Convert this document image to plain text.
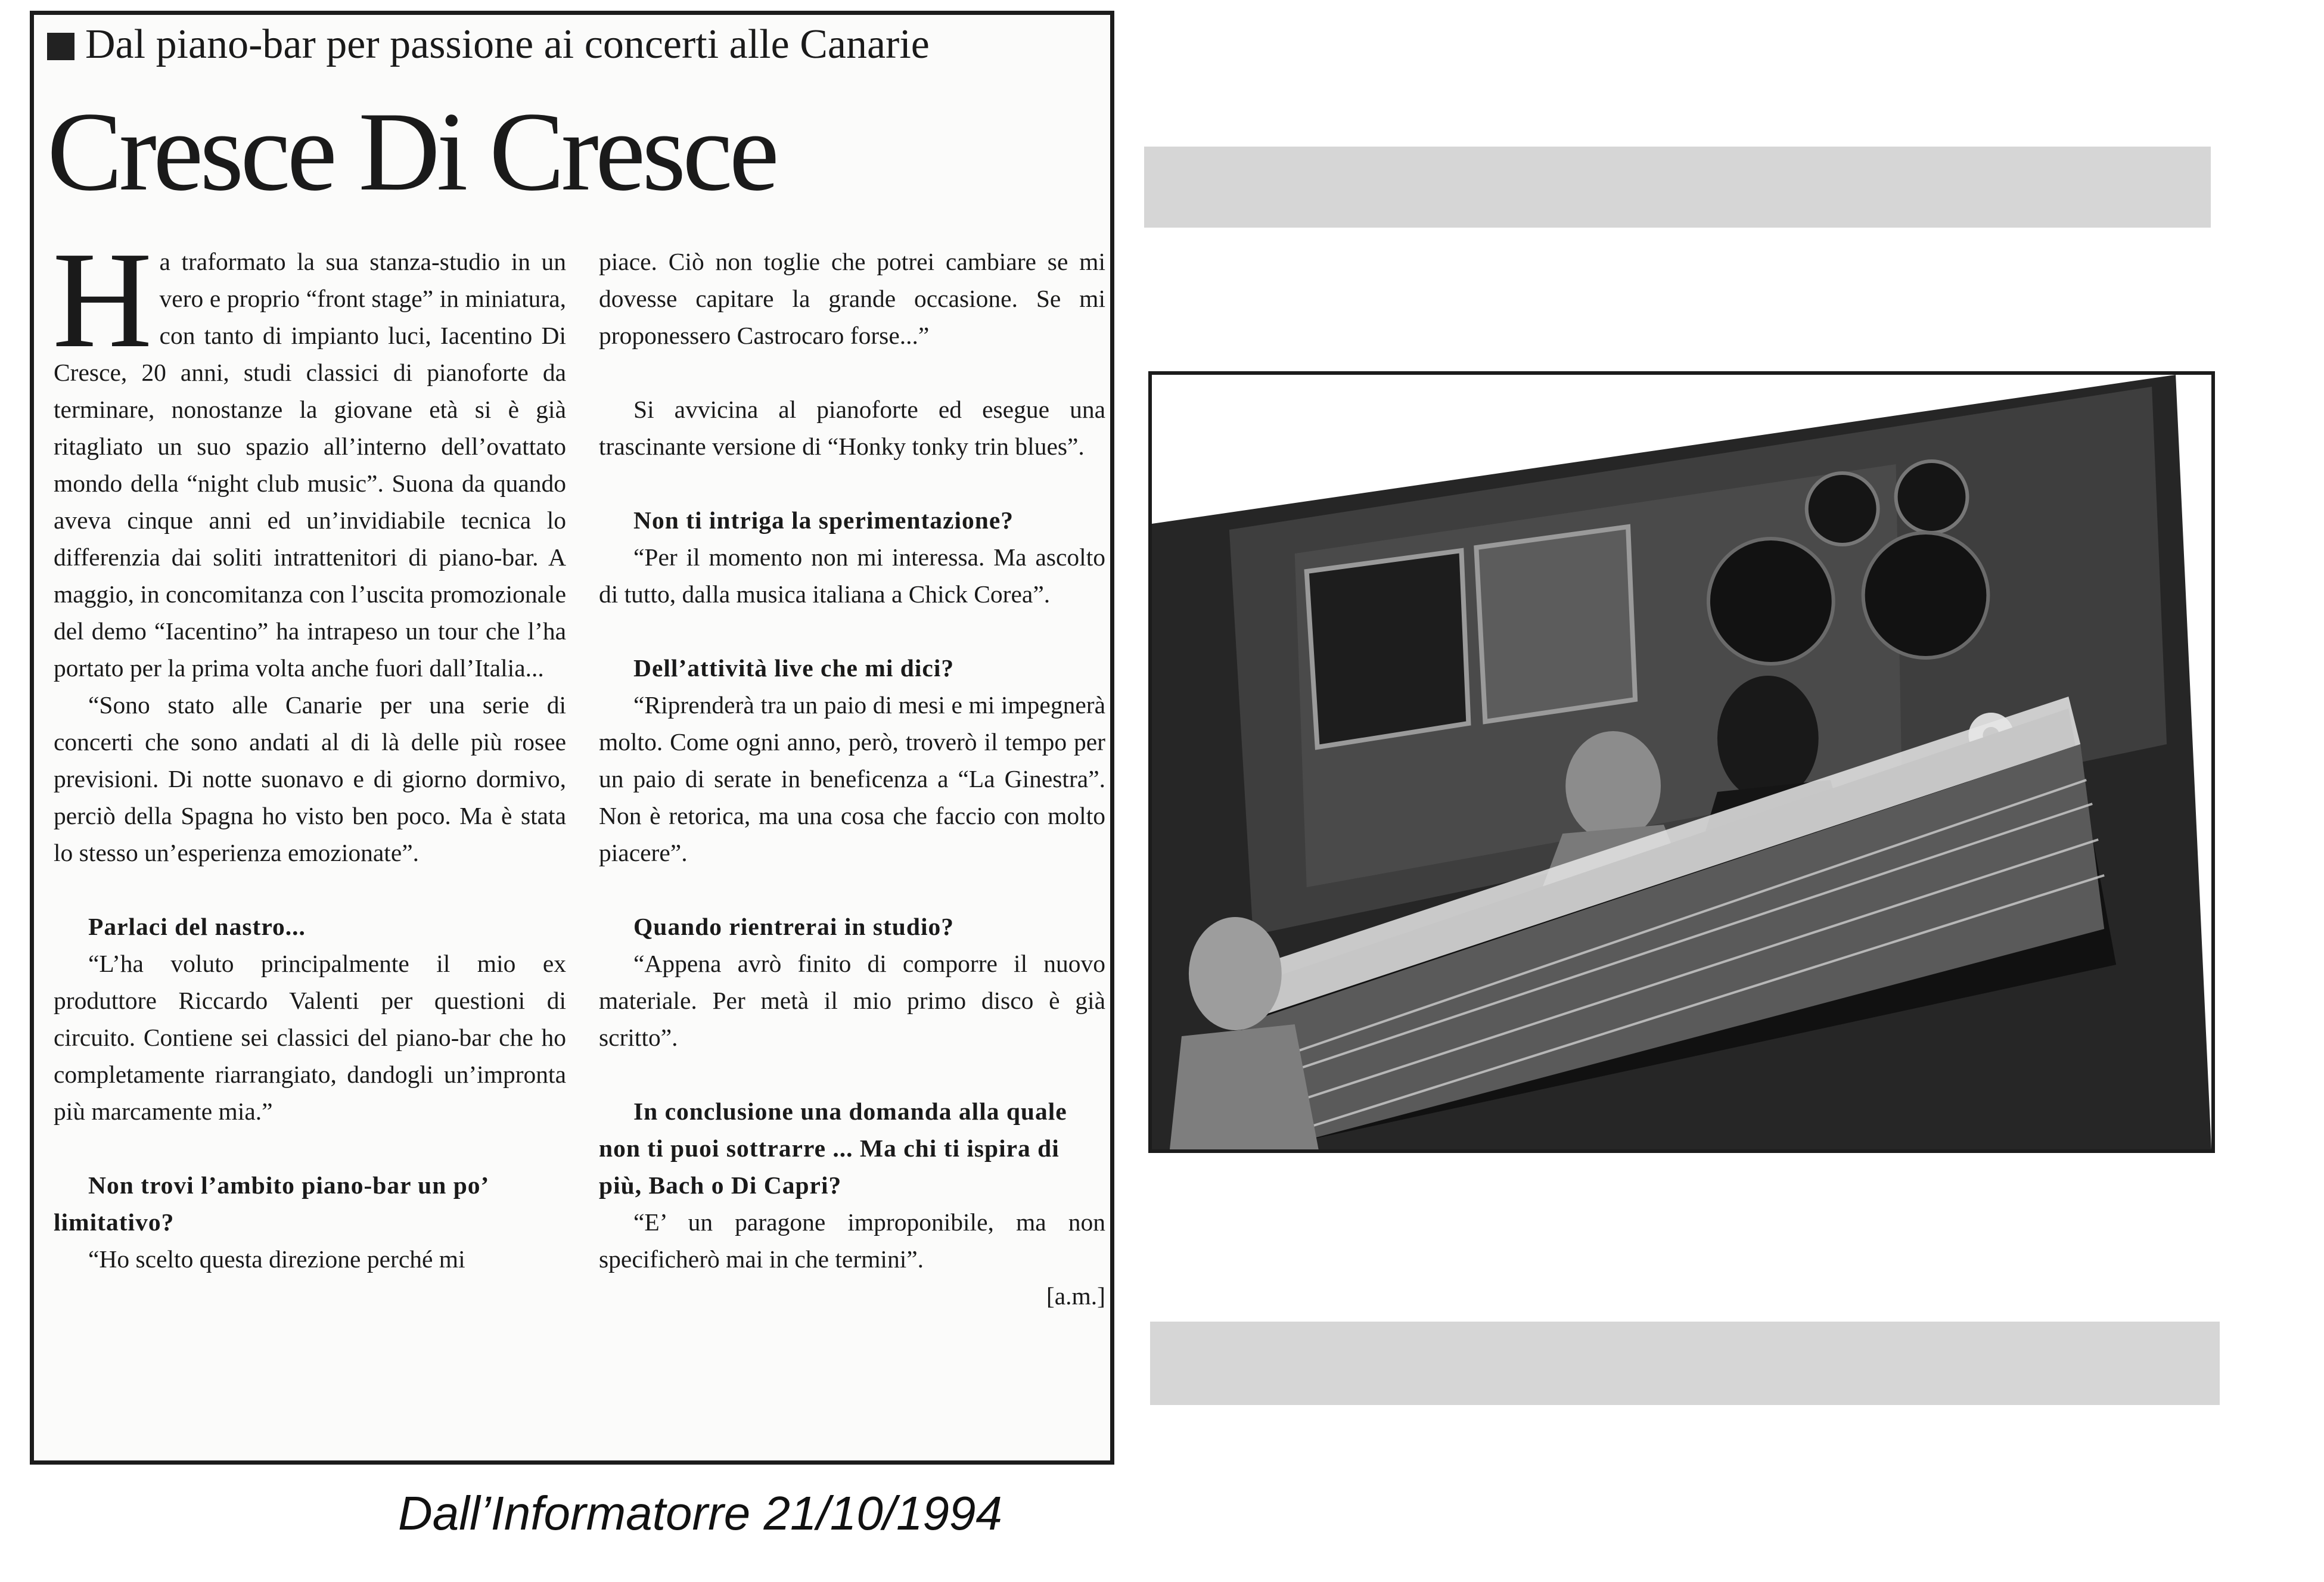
Dal piano-bar per passione ai concerti alle Canarie
Cresce Di Cresce

Ha traformato la sua stanza-studio in un vero e proprio “front stage” in miniatura, con tanto di impianto luci, Iacentino Di Cresce, 20 anni, studi classici di pianoforte da terminare, nonostanze la giovane età si è già ritagliato un suo spazio all’interno dell’ovattato mondo della “night club music”. Suona da quando aveva cinque anni ed un’invidiabile tecnica lo differenzia dai soliti intrattenitori di piano-bar. A maggio, in concomitanza con l’uscita promozionale del demo “Iacentino” ha intrapeso un tour che l’ha portato per la prima volta anche fuori dall’Italia...

“Sono stato alle Canarie per una serie di concerti che sono andati al di là delle più rosee previsioni. Di notte suonavo e di giorno dormivo, perciò della Spagna ho visto ben poco. Ma è stata lo stesso un’esperienza emozionate”.

Parlaci del nastro...

“L’ha voluto principalmente il mio ex produttore Riccardo Valenti per questioni di circuito. Contiene sei classici del piano-bar che ho completamente riarrangiato, dandogli un’impronta più marcamente mia.”

Non trovi l’ambito piano-bar un po’ limitativo?

“Ho scelto questa direzione perché mi

piace. Ciò non toglie che potrei cambiare se mi dovesse capitare la grande occasione. Se mi proponessero Castrocaro forse...”

Si avvicina al pianoforte ed esegue una trascinante versione di “Honky tonky trin blues”.

Non ti intriga la sperimentazione?

“Per il momento non mi interessa. Ma ascolto di tutto, dalla musica italiana a Chick Corea”.

Dell’attività live che mi dici?

“Riprenderà tra un paio di mesi e mi impegnerà molto. Come ogni anno, però, troverò il tempo per un paio di serate in beneficenza a “La Ginestra”. Non è retorica, ma una cosa che faccio con molto piacere”.

Quando rientrerai in studio?

“Appena avrò finito di comporre il nuovo materiale. Per metà il mio primo disco è già scritto”.

In conclusione una domanda alla quale non ti puoi sottrarre ... Ma chi ti ispira di più, Bach o Di Capri?

“E’ un paragone improponibile, ma non specificherò mai in che termini”.

[a.m.]

Dall’Informatorre 21/10/1994
